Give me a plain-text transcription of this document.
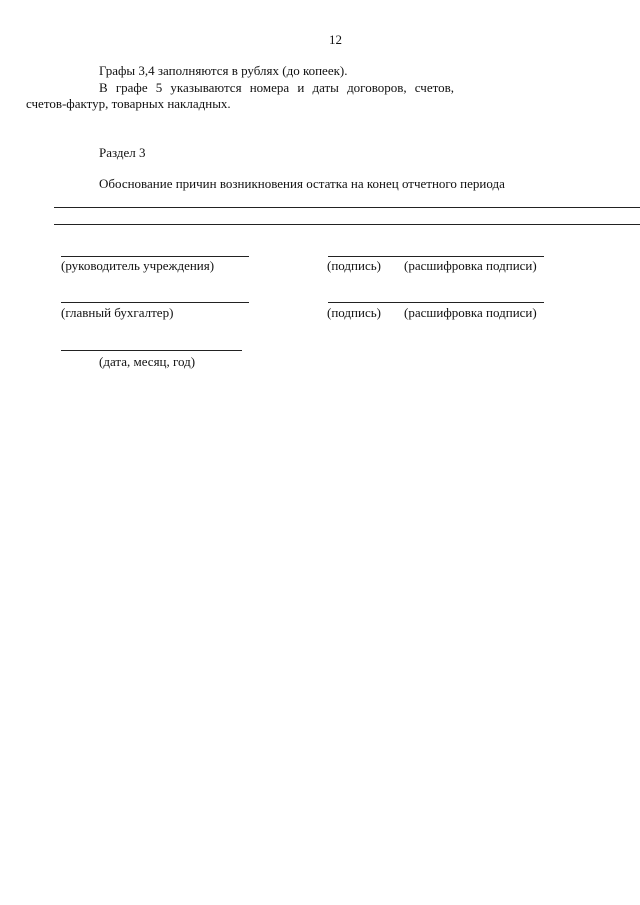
12
Графы 3,4 заполняются в рублях (до копеек).
В графе 5 указываются номера и даты договоров, счетов,
счетов-фактур, товарных накладных.
Раздел 3
Обоснование причин возникновения остатка на конец отчетного периода
(руководитель учреждения)	(подпись) (расшифровка подписи)
(главный бухгалтер)	(подпись) (расшифровка подписи)
(дата, месяц, год)
